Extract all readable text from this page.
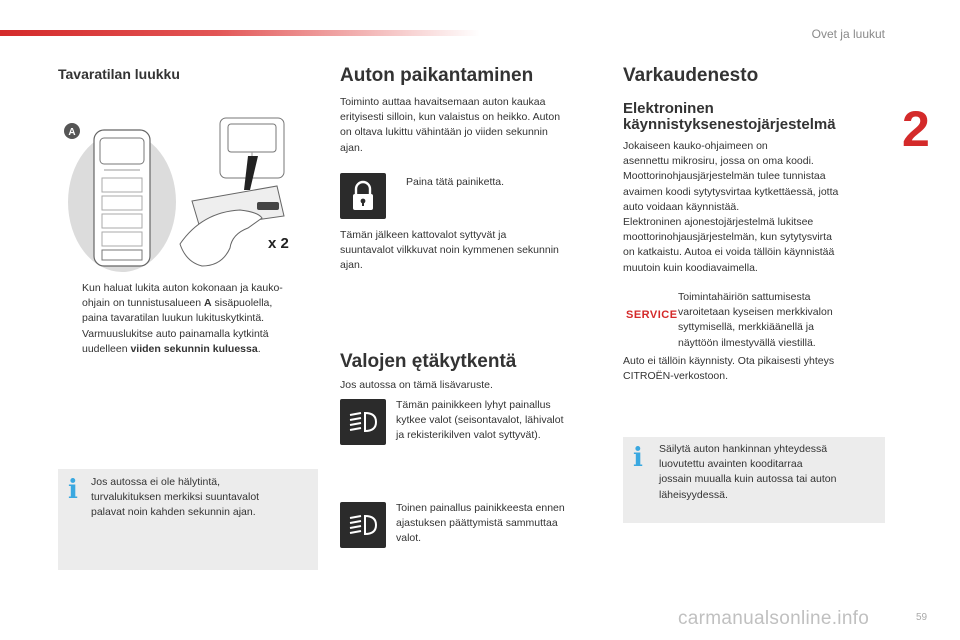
Ovet ja luukut
2
Tavaratilan luukku
A
x 2
Kun haluat lukita auton kokonaan ja kauko-
ohjain on tunnistusalueen A sisäpuolella,
paina tavaratilan luukun lukituskytkintä.
Varmuuslukitse auto painamalla kytkintä
uudelleen viiden sekunnin kuluessa.
i Jos autossa ei ole hälytintä,
turvalukituksen merkiksi suuntavalot
palavat noin kahden sekunnin ajan.
Auton paikantaminen
Toiminto auttaa havaitsemaan auton kaukaa
erityisesti silloin, kun valaistus on heikko. Auton
on oltava lukittu vähintään jo viiden sekunnin
ajan.
Paina tätä painiketta.
Tämän jälkeen kattovalot syttyvät ja
suuntavalot vilkkuvat noin kymmenen sekunnin
ajan.
Valojen ętäkytkentä
Jos autossa on tämä lisävaruste.
Tämän painikkeen lyhyt painallus
kytkee valot (seisontavalot, lähivalot
ja rekisterikilven valot syttyvät).
Toinen painallus painikkeesta ennen
ajastuksen päättymistä sammuttaa
valot.
Varkaudenesto
Elektroninen
käynnistyksenestojärjestelmä
Jokaiseen kauko-ohjaimeen on
asennettu mikrosiru, jossa on oma koodi.
Moottorinohjausjärjestelmän tulee tunnistaa
avaimen koodi sytytysvirtaa kytkettäessä, jotta
auto voidaan käynnistää.
Elektroninen ajonestojärjestelmä lukitsee
moottorinohjausjärjestelmän, kun sytytysvirta
on katkaistu. Autoa ei voida tällöin käynnistää
muutoin kuin koodiavaimella.
SERVICE
Toimintahäiriön sattumisesta
varoitetaan kyseisen merkkivalon
syttymisellä, merkkiäänellä ja
näyttöön ilmestyvällä viestillä.
Auto ei tällöin käynnisty. Ota pikaisesti yhteys
CITROËN-verkostoon.
i Säilytä auton hankinnan yhteydessä
luovutettu avainten kooditarraa
jossain muualla kuin autossa tai auton
läheisyydessä.
carmanualsonline.info	59
